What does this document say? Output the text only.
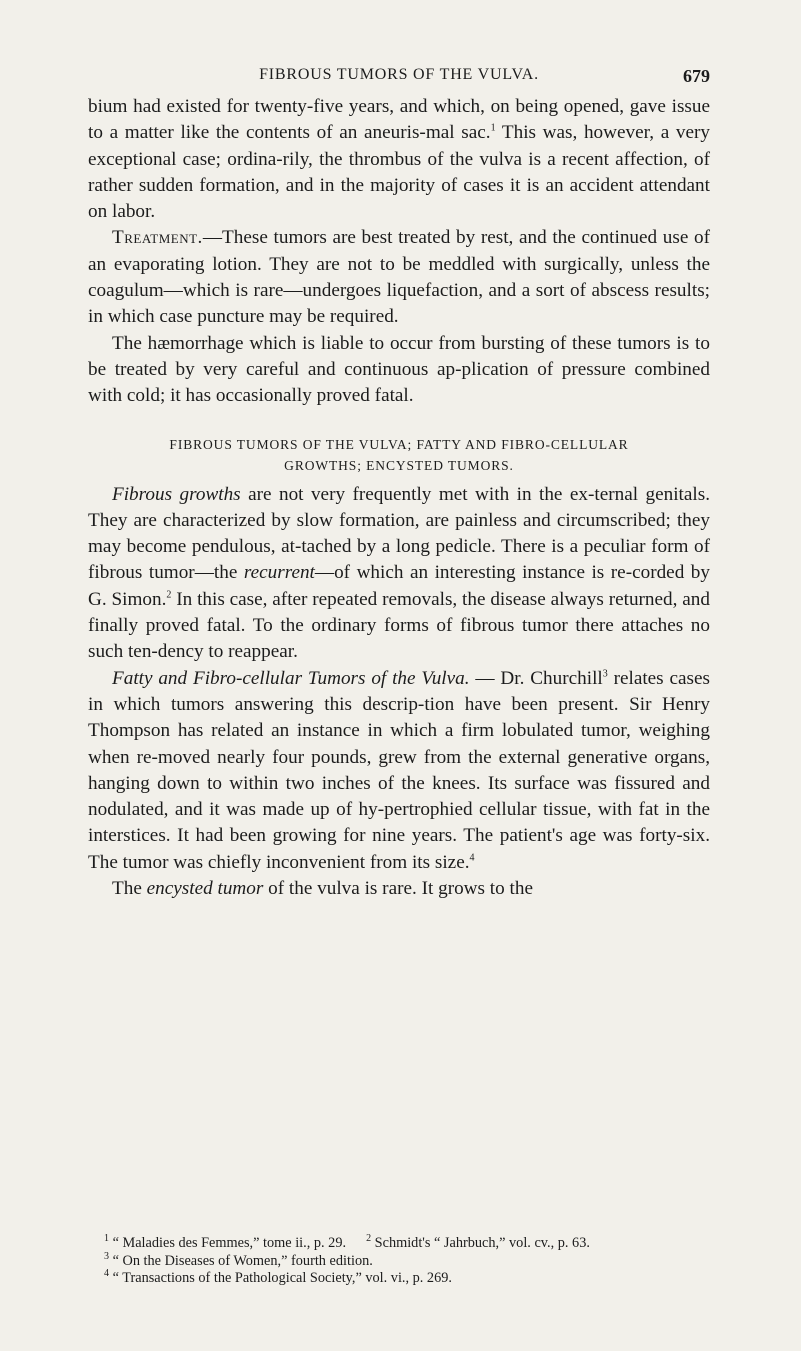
FIBROUS TUMORS OF THE VULVA.	679

bium had existed for twenty-five years, and which, on being opened, gave issue to a matter like the contents of an aneuris-mal sac.$^1$ This was, however, a very exceptional case; ordina-rily, the thrombus of the vulva is a recent affection, of rather sudden formation, and in the majority of cases it is an accident attendant on labor.

Treatment.—These tumors are best treated by rest, and the continued use of an evaporating lotion. They are not to be meddled with surgically, unless the coagulum—which is rare—undergoes liquefaction, and a sort of abscess results; in which case puncture may be required.

The hæmorrhage which is liable to occur from bursting of these tumors is to be treated by very careful and continuous ap-plication of pressure combined with cold; it has occasionally proved fatal.

FIBROUS TUMORS OF THE VULVA; FATTY AND FIBRO-CELLULAR
GROWTHS; ENCYSTED TUMORS.

Fibrous growths are not very frequently met with in the ex-ternal genitals. They are characterized by slow formation, are painless and circumscribed; they may become pendulous, at-tached by a long pedicle. There is a peculiar form of fibrous tumor—the recurrent—of which an interesting instance is re-corded by G. Simon.$^2$ In this case, after repeated removals, the disease always returned, and finally proved fatal. To the ordinary forms of fibrous tumor there attaches no such ten-dency to reappear.

Fatty and Fibro-cellular Tumors of the Vulva. — Dr. Churchill$^3$ relates cases in which tumors answering this descrip-tion have been present. Sir Henry Thompson has related an instance in which a firm lobulated tumor, weighing when re-moved nearly four pounds, grew from the external generative organs, hanging down to within two inches of the knees. Its surface was fissured and nodulated, and it was made up of hy-pertrophied cellular tissue, with fat in the interstices. It had been growing for nine years. The patient's age was forty-six. The tumor was chiefly inconvenient from its size.$^4$

The encysted tumor of the vulva is rare. It grows to the

$^1$ “ Maladies des Femmes,” tome ii., p. 29. $^2$ Schmidt's “ Jahrbuch,” vol. cv., p. 63.
$^3$ “ On the Diseases of Women,” fourth edition.
$^4$ “ Transactions of the Pathological Society,” vol. vi., p. 269.
